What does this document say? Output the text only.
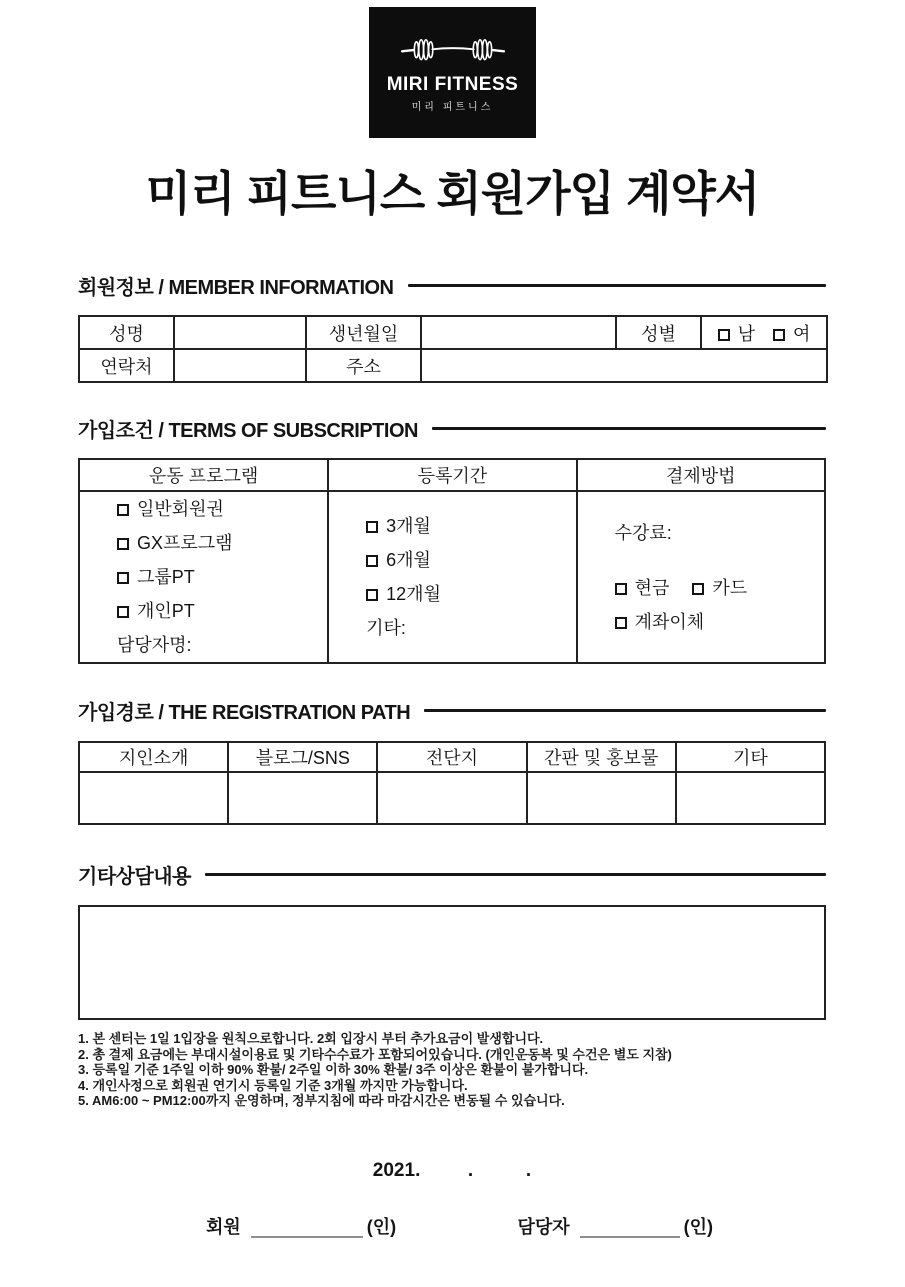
MIRI FITNESS
미리 피트니스
미리 피트니스 회원가입 계약서
회원정보 / MEMBER INFORMATION
성명		생년월일		성별	남 여
연락처		주소			
가입조건 / TERMS OF SUBSCRIPTION
운동 프로그램	등록기간	결제방법

일반회원권
GX프로그램
그룹PT
개인PT
담당자명:

3개월
6개월
12개월
기타:

수강료:
현금 카드
계좌이체
가입경로 / THE REGISTRATION PATH
지인소개	블로그/SNS	전단지	간판 및 홍보물	기타

기타상담내용
1. 본 센터는 1일 1입장을 원칙으로합니다. 2회 입장시 부터 추가요금이 발생합니다.
2. 총 결제 요금에는 부대시설이용료 및 기타수수료가 포함되어있습니다. (개인운동복 및 수건은 별도 지참)
3. 등록일 기준 1주일 이하 90% 환불/ 2주일 이하 30% 환불/ 3주 이상은 환불이 불가합니다.
4. 개인사정으로 회원권 연기시 등록일 기준 3개월 까지만 가능합니다.
5. AM6:00 ~ PM12:00까지 운영하며, 정부지침에 따라 마감시간은 변동될 수 있습니다.
2021.         .          .
회원	(인)	담당자	(인)
